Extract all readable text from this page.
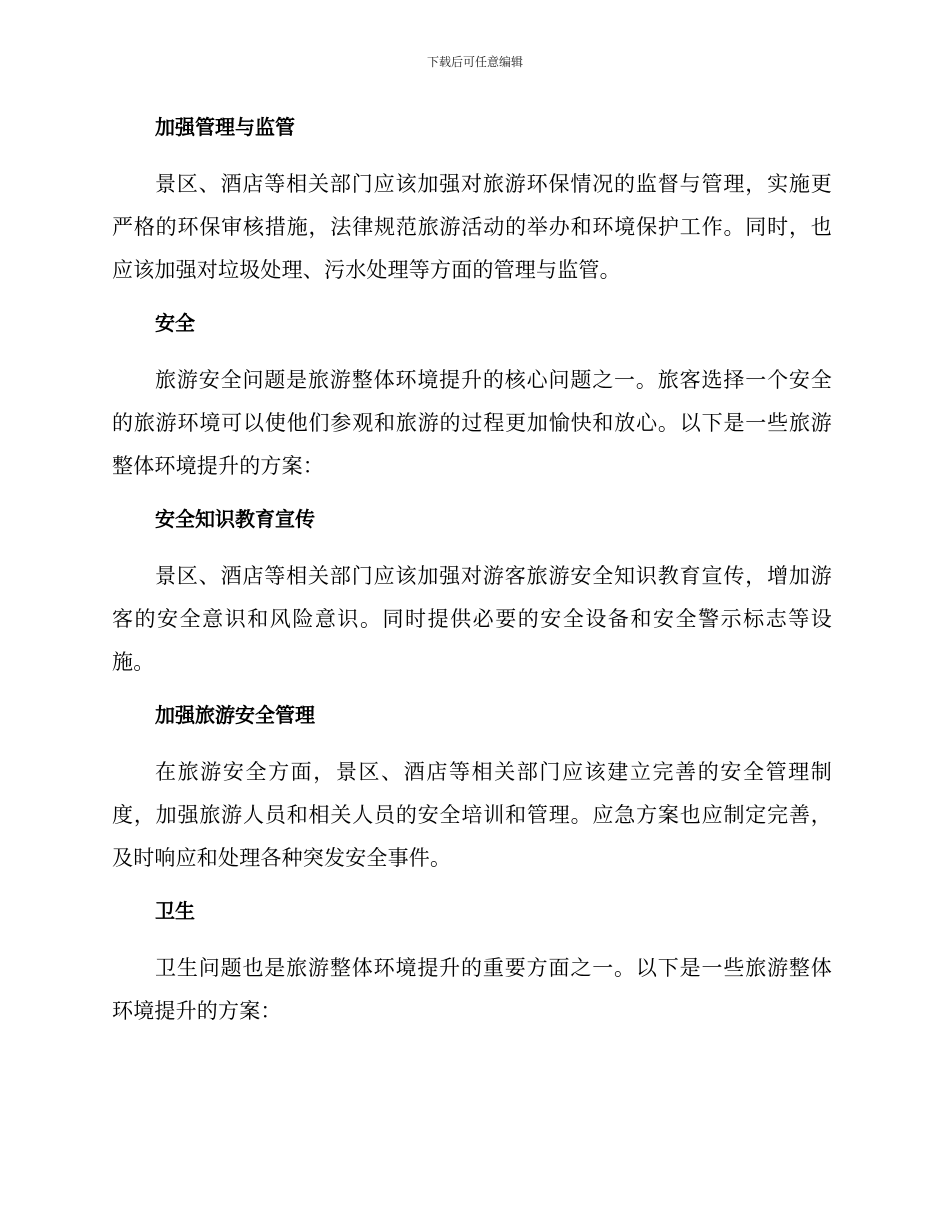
下载后可任意编辑
加强管理与监管

景区、酒店等相关部门应该加强对旅游环保情况的监督与管理，实施更严格的环保审核措施，法律规范旅游活动的举办和环境保护工作。同时，也应该加强对垃圾处理、污水处理等方面的管理与监管。

安全

旅游安全问题是旅游整体环境提升的核心问题之一。旅客选择一个安全的旅游环境可以使他们参观和旅游的过程更加愉快和放心。以下是一些旅游整体环境提升的方案：

安全知识教育宣传

景区、酒店等相关部门应该加强对游客旅游安全知识教育宣传，增加游客的安全意识和风险意识。同时提供必要的安全设备和安全警示标志等设施。

加强旅游安全管理

在旅游安全方面，景区、酒店等相关部门应该建立完善的安全管理制度，加强旅游人员和相关人员的安全培训和管理。应急方案也应制定完善，及时响应和处理各种突发安全事件。

卫生

卫生问题也是旅游整体环境提升的重要方面之一。以下是一些旅游整体环境提升的方案：
